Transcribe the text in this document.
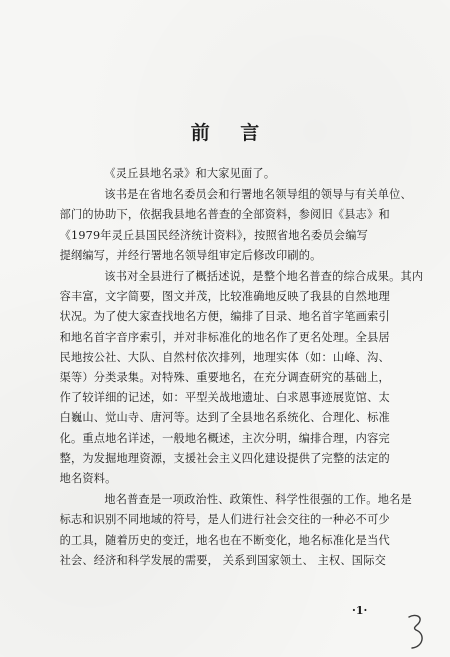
前 言

《灵丘县地名录》和大家见面了。

该书是在省地名委员会和行署地名领导组的领导与有关单位、
部门的协助下，依据我县地名普查的全部资料，参阅旧《县志》和
《1979年灵丘县国民经济统计资料》，按照省地名委员会编写
提纲编写，并经行署地名领导组审定后修改印刷的。

该书对全县进行了概括述说，是整个地名普查的综合成果。其内
容丰富，文字简要，图文并茂，比较准确地反映了我县的自然地理
状况。为了使大家查找地名方便，编排了目录、地名首字笔画索引
和地名首字音序索引，并对非标准化的地名作了更名处理。全县居
民地按公社、大队、自然村依次排列，地理实体（如：山峰、沟、
渠等）分类录集。对特殊、重要地名，在充分调查研究的基础上，
作了较详细的记述，如：平型关战地遗址、白求恩事迹展览馆、太
白巍山、觉山寺、唐河等。达到了全县地名系统化、合理化、标准
化。重点地名详述，一般地名概述，主次分明，编排合理，内容完
整，为发掘地理资源，支援社会主义四化建设提供了完整的法定的
地名资料。

地名普查是一项政治性、政策性、科学性很强的工作。地名是
标志和识别不同地域的符号，是人们进行社会交往的一种必不可少
的工具，随着历史的变迁，地名也在不断变化，地名标准化是当代
社会、经济和科学发展的需要， 关系到国家领土、 主权、国际交

·1·
